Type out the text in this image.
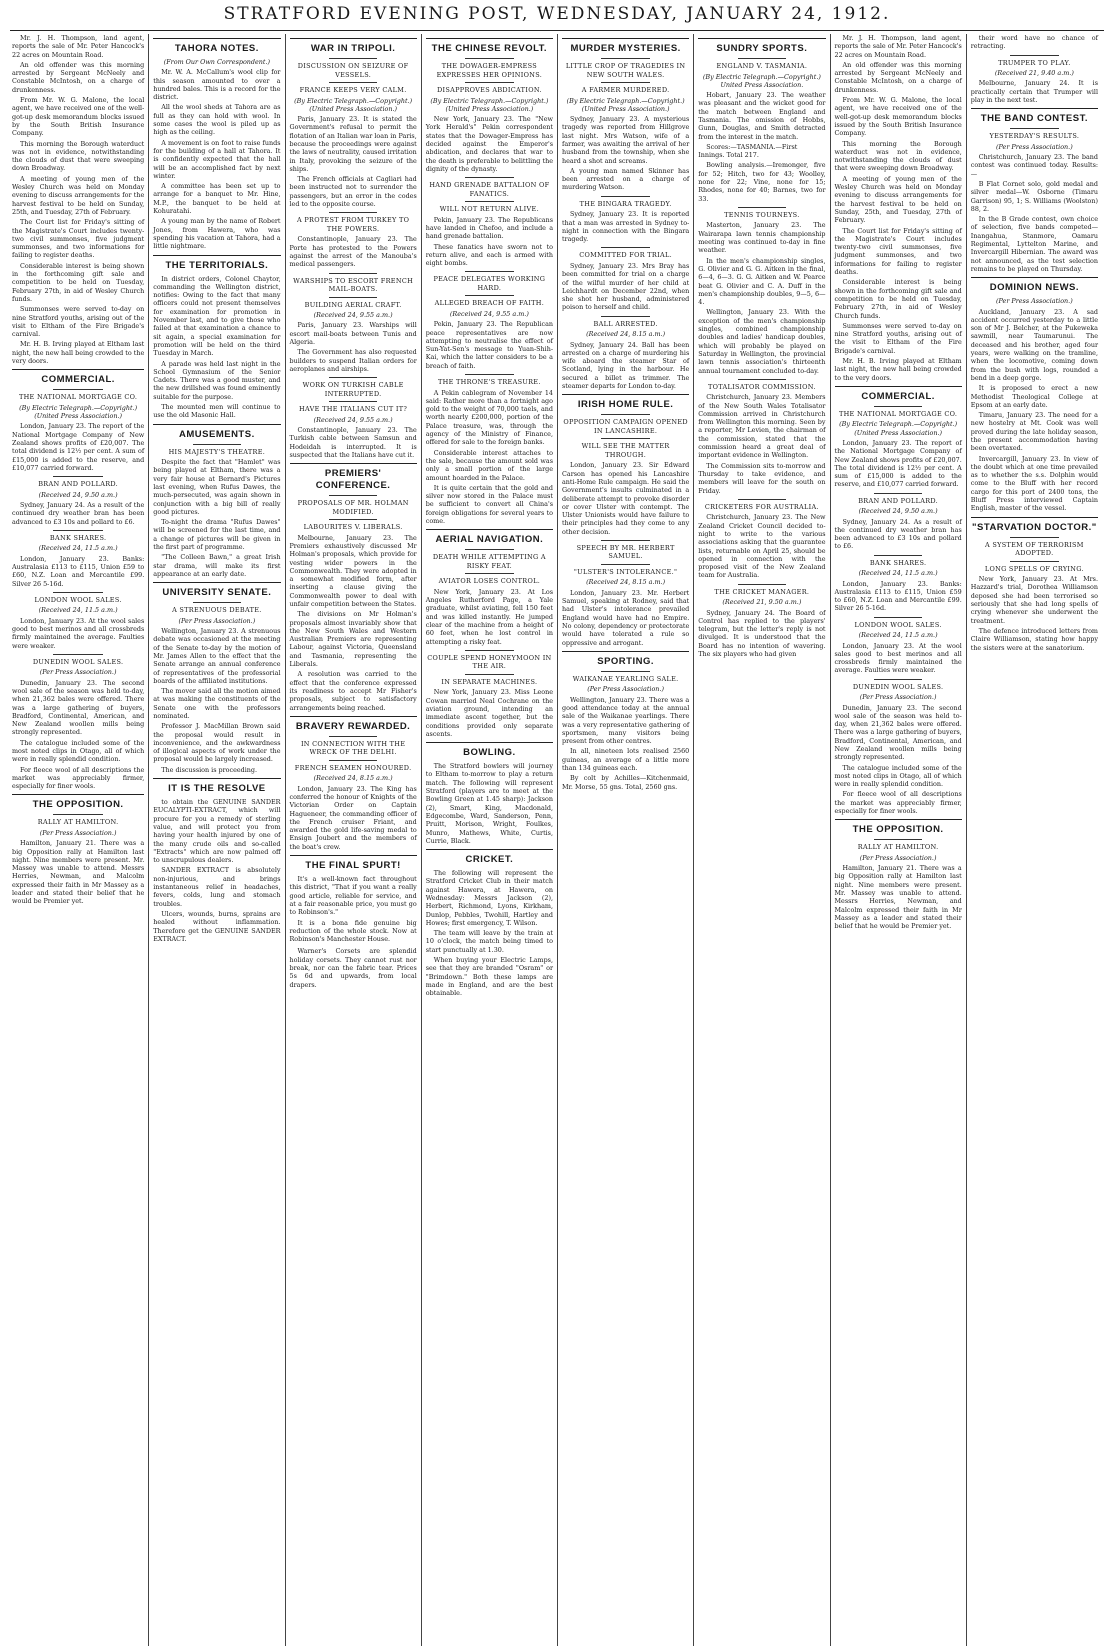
STRATFORD EVENING POST, WEDNESDAY, JANUARY 24, 1912.

Mr. J. H. Thompson, land agent, reports the sale of Mr. Peter Hancock's 22 acres on Mountain Road.

An old offender was this morning arrested by Sergeant McNeely and Constable McIntosh, on a charge of drunkenness.

From Mr. W. G. Malone, the local agent, we have received one of the well-got-up desk memorandum blocks issued by the South British Insurance Company.

This morning the Borough waterduct was not in evidence, notwithstanding the clouds of dust that were sweeping down Broadway.

A meeting of young men of the Wesley Church was held on Monday evening to discuss arrangements for the harvest festival to be held on Sunday, 25th, and Tuesday, 27th of February.

The Court list for Friday's sitting of the Magistrate's Court includes twenty-two civil summonses, five judgment summonses, and two informations for failing to register deaths.

Considerable interest is being shown in the forthcoming gift sale and competition to be held on Tuesday, February 27th, in aid of Wesley Church funds.

Summonses were served to-day on nine Stratford youths, arising out of the visit to Eltham of the Fire Brigade's carnival.

Mr. H. B. Irving played at Eltham last night, the new hall being crowded to the very doors.

COMMERCIAL.
THE NATIONAL MORTGAGE CO.
(By Electric Telegraph.—Copyright.) (United Press Association.)

London, January 23. The report of the National Mortgage Company of New Zealand shows profits of £20,007. The total dividend is 12½ per cent. A sum of £15,000 is added to the reserve, and £10,077 carried forward.

BRAN AND POLLARD.
(Received 24, 9.50 a.m.)

Sydney, January 24. As a result of the continued dry weather bran has been advanced to £3 10s and pollard to £6.

BANK SHARES.
(Received 24, 11.5 a.m.)

London, January 23. Banks: Australasia £113 to £115, Union £59 to £60, N.Z. Loan and Mercantile £99. Silver 26 5-16d.

LONDON WOOL SALES.
(Received 24, 11.5 a.m.)

London, January 23. At the wool sales good to best merinos and all crossbreds firmly maintained the average. Faulties were weaker.

DUNEDIN WOOL SALES.
(Per Press Association.)

Dunedin, January 23. The second wool sale of the season was held to-day, when 21,362 bales were offered. There was a large gathering of buyers, Bradford, Continental, American, and New Zealand woollen mills being strongly represented.

The catalogue included some of the most noted clips in Otago, all of which were in really splendid condition.

For fleece wool of all descriptions the market was appreciably firmer, especially for finer wools.

THE OPPOSITION.
RALLY AT HAMILTON.
(Per Press Association.)

Hamilton, January 21. There was a big Opposition rally at Hamilton last night. Nine members were present. Mr. Massey was unable to attend. Messrs Herries, Newman, and Malcolm expressed their faith in Mr Massey as a leader and stated their belief that he would be Premier yet.

TAHORA NOTES.
(From Our Own Correspondent.)

Mr. W. A. McCallum's wool clip for this season amounted to over a hundred bales. This is a record for the district.

All the wool sheds at Tahora are as full as they can hold with wool. In some cases the wool is piled up as high as the ceiling.

A movement is on foot to raise funds for the building of a hall at Tahora. It is confidently expected that the hall will be an accomplished fact by next winter.

A committee has been set up to arrange for a banquet to Mr. Hine, M.P., the banquet to be held at Kohuratahi.

A young man by the name of Robert Jones, from Hawera, who was spending his vacation at Tahora, had a little nightmare.

THE TERRITORIALS.

In district orders, Colonel Chaytor, commanding the Wellington district, notifies: Owing to the fact that many officers could not present themselves for examination for promotion in November last, and to give those who failed at that examination a chance to sit again, a special examination for promotion will be held on the third Tuesday in March.

A parade was held last night in the School Gymnasium of the Senior Cadets. There was a good muster, and the new drillshed was found eminently suitable for the purpose.

The mounted men will continue to use the old Masonic Hall.

AMUSEMENTS.
HIS MAJESTY'S THEATRE.

Despite the fact that "Hamlet" was being played at Eltham, there was a very fair house at Bernard's Pictures last evening, when Rufus Dawes, the much-persecuted, was again shown in conjunction with a big bill of really good pictures.

To-night the drama "Rufus Dawes" will be screened for the last time, and a change of pictures will be given in the first part of programme.

"The Colleen Bawn," a great Irish star drama, will make its first appearance at an early date.

UNIVERSITY SENATE.
A STRENUOUS DEBATE.
(Per Press Association.)

Wellington, January 23. A strenuous debate was occasioned at the meeting of the Senate to-day by the motion of Mr. James Allen to the effect that the Senate arrange an annual conference of representatives of the professorial boards of the affiliated institutions.

The mover said all the motion aimed at was making the constituents of the Senate one with the professors nominated.

Professor J. MacMillan Brown said the proposal would result in inconvenience, and the awkwardness of illogical aspects of work under the proposal would be largely increased.

The discussion is proceeding.

IT IS THE RESOLVE

to obtain the GENUINE SANDER EUCALYPTI-EXTRACT, which will procure for you a remedy of sterling value, and will protect you from having your health injured by one of the many crude oils and so-called "Extracts" which are now palmed off to unscrupulous dealers.

SANDER EXTRACT is absolutely non-injurious, and brings instantaneous relief in headaches, fevers, colds, lung and stomach troubles.

Ulcers, wounds, burns, sprains are healed without inflammation. Therefore get the GENUINE SANDER EXTRACT.

WAR IN TRIPOLI.
DISCUSSION ON SEIZURE OF VESSELS.
FRANCE KEEPS VERY CALM.
(By Electric Telegraph.—Copyright.) (United Press Association.)

Paris, January 23. It is stated the Government's refusal to permit the flotation of an Italian war loan in Paris, because the proceedings were against the laws of neutrality, caused irritation in Italy, provoking the seizure of the ships.

The French officials at Cagliari had been instructed not to surrender the passengers, but an error in the codes led to the opposite course.

A PROTEST FROM TURKEY TO THE POWERS.

Constantinople, January 23. The Porte has protested to the Powers against the arrest of the Manouba's medical passengers.

WARSHIPS TO ESCORT FRENCH MAIL-BOATS.
BUILDING AERIAL CRAFT.
(Received 24, 9.55 a.m.)

Paris, January 23. Warships will escort mail-boats between Tunis and Algeria.

The Government has also requested builders to suspend Italian orders for aeroplanes and airships.

WORK ON TURKISH CABLE INTERRUPTED.
HAVE THE ITALIANS CUT IT?
(Received 24, 9.55 a.m.)

Constantinople, January 23. The Turkish cable between Samsun and Hodeidah is interrupted. It is suspected that the Italians have cut it.

PREMIERS' CONFERENCE.
PROPOSALS OF MR. HOLMAN MODIFIED.
LABOURITES V. LIBERALS.

Melbourne, January 23. The Premiers exhaustively discussed Mr Holman's proposals, which provide for vesting wider powers in the Commonwealth. They were adopted in a somewhat modified form, after inserting a clause giving the Commonwealth power to deal with unfair competition between the States.

The divisions on Mr Holman's proposals almost invariably show that the New South Wales and Western Australian Premiers are representing Labour, against Victoria, Queensland and Tasmania, representing the Liberals.

A resolution was carried to the effect that the conference expressed its readiness to accept Mr Fisher's proposals, subject to satisfactory arrangements being reached.

BRAVERY REWARDED.
IN CONNECTION WITH THE WRECK OF THE DELHI.
FRENCH SEAMEN HONOURED.
(Received 24, 8.15 a.m.)

London, January 23. The King has conferred the honour of Knights of the Victorian Order on Captain Hagueneer, the commanding officer of the French cruiser Friant, and awarded the gold life-saving medal to Ensign Joubert and the members of the boat's crew.

THE FINAL SPURT!

It's a well-known fact throughout this district, "That if you want a really good article, reliable for service, and at a fair reasonable price, you must go to Robinson's."

It is a bona fide genuine big reduction of the whole stock. Now at Robinson's Manchester House.

Warner's Corsets are splendid holiday corsets. They cannot rust nor break, nor can the fabric tear. Prices 5s 6d and upwards, from local drapers.

THE CHINESE REVOLT.
THE DOWAGER-EMPRESS EXPRESSES HER OPINIONS.
DISAPPROVES ABDICATION.
(By Electric Telegraph.—Copyright.) (United Press Association.)

New York, January 23. The "New York Herald's" Pekin correspondent states that the Dowager-Empress has decided against the Emperor's abdication, and declares that war to the death is preferable to belittling the dignity of the dynasty.

HAND GRENADE BATTALION OF FANATICS.
WILL NOT RETURN ALIVE.

Pekin, January 23. The Republicans have landed in Chefoo, and include a hand grenade battalion.

These fanatics have sworn not to return alive, and each is armed with eight bombs.

PEACE DELEGATES WORKING HARD.
ALLEGED BREACH OF FAITH.
(Received 24, 9.55 a.m.)

Pekin, January 23. The Republican peace representatives are now attempting to neutralise the effect of Sun-Yat-Sen's message to Yuan-Shih-Kai, which the latter considers to be a breach of faith.

THE THRONE'S TREASURE.

A Pekin cablegram of November 14 said: Rather more than a fortnight ago gold to the weight of 70,000 taels, and worth nearly £200,000, portion of the Palace treasure, was, through the agency of the Ministry of Finance, offered for sale to the foreign banks.

Considerable interest attaches to the sale, because the amount sold was only a small portion of the large amount hoarded in the Palace.

It is quite certain that the gold and silver now stored in the Palace must be sufficient to convert all China's foreign obligations for several years to come.

AERIAL NAVIGATION.
DEATH WHILE ATTEMPTING A RISKY FEAT.
AVIATOR LOSES CONTROL.

New York, January 23. At Los Angeles Rutherford Page, a Yale graduate, whilst aviating, fell 150 feet and was killed instantly. He jumped clear of the machine from a height of 60 feet, when he lost control in attempting a risky feat.

COUPLE SPEND HONEYMOON IN THE AIR.
IN SEPARATE MACHINES.

New York, January 23. Miss Leone Cowan married Neal Cochrane on the aviation ground, intending an immediate ascent together, but the conditions provided only separate ascents.

BOWLING.

The Stratford bowlers will journey to Eltham to-morrow to play a return match. The following will represent Stratford (players are to meet at the Bowling Green at 1.45 sharp): Jackson (2), Smart, King, Macdonald, Edgecombe, Ward, Sanderson, Penn, Pruitt, Morison, Wright, Foulkes, Munro, Mathews, White, Curtis, Currie, Black.

CRICKET.

The following will represent the Stratford Cricket Club in their match against Hawera, at Hawera, on Wednesday: Messrs Jackson (2), Herbert, Richmond, Lyons, Kirkham, Dunlop, Pebbles, Twohill, Hartley and Howes; first emergency, T. Wilson.

The team will leave by the train at 10 o'clock, the match being timed to start punctually at 1.30.

When buying your Electric Lamps, see that they are branded "Osram" or "Brimdown." Both these lamps are made in England, and are the best obtainable.

MURDER MYSTERIES.
LITTLE CROP OF TRAGEDIES IN NEW SOUTH WALES.
A FARMER MURDERED.
(By Electric Telegraph.—Copyright.) (United Press Association.)

Sydney, January 23. A mysterious tragedy was reported from Hillgrove last night. Mrs Watson, wife of a farmer, was awaiting the arrival of her husband from the township, when she heard a shot and screams.

A young man named Skinner has been arrested on a charge of murdering Watson.

THE BINGARA TRAGEDY.

Sydney, January 23. It is reported that a man was arrested in Sydney to-night in connection with the Bingara tragedy.

COMMITTED FOR TRIAL.

Sydney, January 23. Mrs Bray has been committed for trial on a charge of the wilful murder of her child at Leichhardt on December 22nd, when she shot her husband, administered poison to herself and child.

BALL ARRESTED.
(Received 24, 8.15 a.m.)

Sydney, January 24. Ball has been arrested on a charge of murdering his wife aboard the steamer Star of Scotland, lying in the harbour. He secured a billet as trimmer. The steamer departs for London to-day.

IRISH HOME RULE.
OPPOSITION CAMPAIGN OPENED IN LANCASHIRE.
WILL SEE THE MATTER THROUGH.

London, January 23. Sir Edward Carson has opened his Lancashire anti-Home Rule campaign. He said the Government's insults culminated in a deliberate attempt to provoke disorder or cover Ulster with contempt. The Ulster Unionists would have failure to their principles had they come to any other decision.

SPEECH BY MR. HERBERT SAMUEL.
"ULSTER'S INTOLERANCE."
(Received 24, 8.15 a.m.)

London, January 23. Mr. Herbert Samuel, speaking at Rodney, said that had Ulster's intolerance prevailed England would have had no Empire. No colony, dependency or protectorate would have tolerated a rule so oppressive and arrogant.

SPORTING.
WAIKANAE YEARLING SALE.
(Per Press Association.)

Wellington, January 23. There was a good attendance today at the annual sale of the Waikanae yearlings. There was a very representative gathering of sportsmen, many visitors being present from other centres.

In all, nineteen lots realised 2560 guineas, an average of a little more than 134 guineas each.

By colt by Achilles—Kitchenmaid, Mr. Morse, 55 gns. Total, 2560 gns.

SUNDRY SPORTS.
ENGLAND V. TASMANIA.
(By Electric Telegraph.—Copyright.) United Press Association.

Hobart, January 23. The weather was pleasant and the wicket good for the match between England and Tasmania. The omission of Hobbs, Gunn, Douglas, and Smith detracted from the interest in the match.

Scores:—TASMANIA.—First Innings. Total 217.

Bowling analysis.—Iremonger, five for 52; Hitch, two for 43; Woolley, none for 22; Vine, none for 15; Rhodes, none for 40; Barnes, two for 33.

TENNIS TOURNEYS.

Masterton, January 23. The Wairarapa lawn tennis championship meeting was continued to-day in fine weather.

In the men's championship singles, G. Olivier and G. G. Aitken in the final, 6—4, 6—3. G. G. Aitken and W. Pearce beat G. Olivier and C. A. Duff in the men's championship doubles, 9—5, 6—4.

Wellington, January 23. With the exception of the men's championship singles, combined championship doubles and ladies' handicap doubles, which will probably be played on Saturday in Wellington, the provincial lawn tennis association's thirteenth annual tournament concluded to-day.

TOTALISATOR COMMISSION.

Christchurch, January 23. Members of the New South Wales Totalisator Commission arrived in Christchurch from Wellington this morning. Seen by a reporter, Mr Levien, the chairman of the commission, stated that the commission heard a great deal of important evidence in Wellington.

The Commission sits to-morrow and Thursday to take evidence, and members will leave for the south on Friday.

CRICKETERS FOR AUSTRALIA.

Christchurch, January 23. The New Zealand Cricket Council decided to-night to write to the various associations asking that the guarantee lists, returnable on April 25, should be opened in connection with the proposed visit of the New Zealand team for Australia.

THE CRICKET MANAGER.
(Received 21, 9.50 a.m.)

Sydney, January 24. The Board of Control has replied to the players' telegram, but the letter's reply is not divulged. It is understood that the Board has no intention of wavering. The six players who had given

Mr. J. H. Thompson, land agent, reports the sale of Mr. Peter Hancock's 22 acres on Mountain Road.

An old offender was this morning arrested by Sergeant McNeely and Constable McIntosh, on a charge of drunkenness.

From Mr. W. G. Malone, the local agent, we have received one of the well-got-up desk memorandum blocks issued by the South British Insurance Company.

This morning the Borough waterduct was not in evidence, notwithstanding the clouds of dust that were sweeping down Broadway.

A meeting of young men of the Wesley Church was held on Monday evening to discuss arrangements for the harvest festival to be held on Sunday, 25th, and Tuesday, 27th of February.

The Court list for Friday's sitting of the Magistrate's Court includes twenty-two civil summonses, five judgment summonses, and two informations for failing to register deaths.

Considerable interest is being shown in the forthcoming gift sale and competition to be held on Tuesday, February 27th, in aid of Wesley Church funds.

Summonses were served to-day on nine Stratford youths, arising out of the visit to Eltham of the Fire Brigade's carnival.

Mr. H. B. Irving played at Eltham last night, the new hall being crowded to the very doors.

COMMERCIAL.
THE NATIONAL MORTGAGE CO.
(By Electric Telegraph.—Copyright.) (United Press Association.)

London, January 23. The report of the National Mortgage Company of New Zealand shows profits of £20,007. The total dividend is 12½ per cent. A sum of £15,000 is added to the reserve, and £10,077 carried forward.

BRAN AND POLLARD.
(Received 24, 9.50 a.m.)

Sydney, January 24. As a result of the continued dry weather bran has been advanced to £3 10s and pollard to £6.

BANK SHARES.
(Received 24, 11.5 a.m.)

London, January 23. Banks: Australasia £113 to £115, Union £59 to £60, N.Z. Loan and Mercantile £99. Silver 26 5-16d.

LONDON WOOL SALES.
(Received 24, 11.5 a.m.)

London, January 23. At the wool sales good to best merinos and all crossbreds firmly maintained the average. Faulties were weaker.

DUNEDIN WOOL SALES.
(Per Press Association.)

Dunedin, January 23. The second wool sale of the season was held to-day, when 21,362 bales were offered. There was a large gathering of buyers, Bradford, Continental, American, and New Zealand woollen mills being strongly represented.

The catalogue included some of the most noted clips in Otago, all of which were in really splendid condition.

For fleece wool of all descriptions the market was appreciably firmer, especially for finer wools.

THE OPPOSITION.
RALLY AT HAMILTON.
(Per Press Association.)

Hamilton, January 21. There was a big Opposition rally at Hamilton last night. Nine members were present. Mr. Massey was unable to attend. Messrs Herries, Newman, and Malcolm expressed their faith in Mr Massey as a leader and stated their belief that he would be Premier yet.

their word have no chance of retracting.

TRUMPER TO PLAY.
(Received 21, 9.40 a.m.)

Melbourne, January 24. It is practically certain that Trumper will play in the next test.

THE BAND CONTEST.
YESTERDAY'S RESULTS.
(Per Press Association.)

Christchurch, January 23. The band contest was continued today. Results:—

B Flat Cornet solo, gold medal and silver medal—W. Osborne (Timaru Garrison) 95, 1; S. Williams (Woolston) 88, 2.

In the B Grade contest, own choice of selection, five bands competed—Inangahua, Stanmore, Oamaru Regimental, Lyttelton Marine, and Invercargill Hibernian. The award was not announced, as the test selection remains to be played on Thursday.

DOMINION NEWS.
(Per Press Association.)

Auckland, January 23. A sad accident occurred yesterday to a little son of Mr J. Belcher, at the Pukeweka sawmill, near Taumarunui. The deceased and his brother, aged four years, were walking on the tramline, when the locomotive, coming down from the bush with logs, rounded a bend in a deep gorge.

It is proposed to erect a new Methodist Theological College at Epsom at an early date.

Timaru, January 23. The need for a new hostelry at Mt. Cook was well proved during the late holiday season, the present accommodation having been overtaxed.

Invercargill, January 23. In view of the doubt which at one time prevailed as to whether the s.s. Dolphin would come to the Bluff with her record cargo for this port of 2400 tons, the Bluff Press interviewed Captain English, master of the vessel.

"STARVATION DOCTOR."
A SYSTEM OF TERRORISM ADOPTED.
LONG SPELLS OF CRYING.

New York, January 23. At Mrs. Hazzard's trial, Dorothea Williamson deposed she had been terrorised so seriously that she had long spells of crying whenever she underwent the treatment.

The defence introduced letters from Claire Williamson, stating how happy the sisters were at the sanatorium.
